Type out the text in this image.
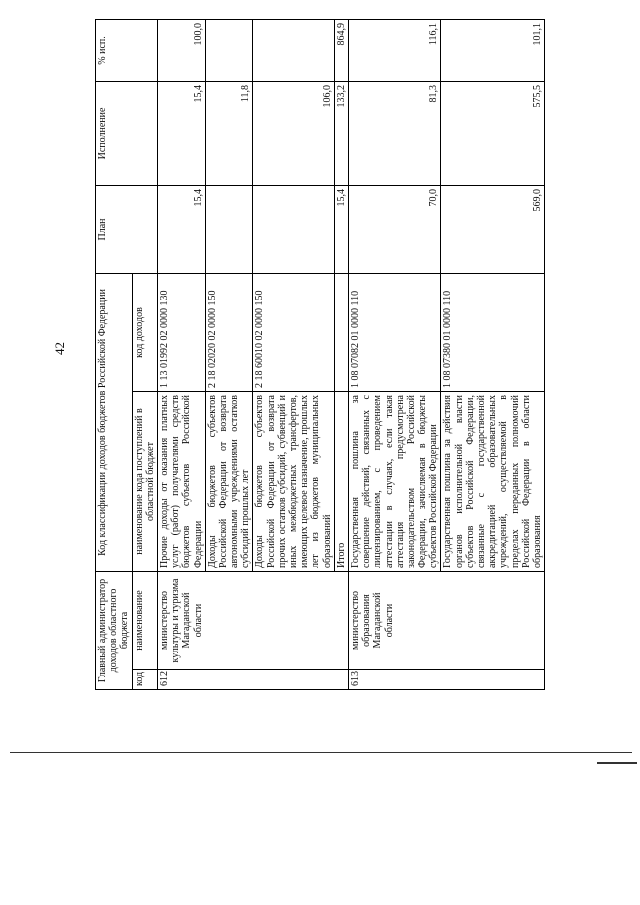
42
Главный администратор доходов областного бюджета		Код классификации доходов бюджетов Российской Федерации		План	Исполнение	% исп.
код	наименование	наименование кода поступлений в областной бюджет	код доходов			
612	министерство культуры и туризма Магаданской области	Прочие доходы от оказания платных услуг (работ) получателями средств бюджетов субъектов Российской Федерации	1 13 01992 02 0000 130	15,4	15,4	100,0
		Доходы бюджетов субъектов Российской Федерации от возврата автономными учреждениями остатков субсидий прошлых лет	2 18 02020 02 0000 150		11,8	
		Доходы бюджетов субъектов Российской Федерации от возврата прочих остатков субсидий, субвенций и иных межбюджетных трансфертов, имеющих целевое назначение, прошлых лет из бюджетов муниципальных образований	2 18 60010 02 0000 150		106,0	
		Итого		15,4	133,2	864,9
613	министерство образования Магаданской области	Государственная пошлина за совершение действий, связанных с лицензированием, с проведением аттестации в случаях, если такая аттестация предусмотрена законодательством Российской Федерации, зачисляемая в бюджеты субъектов Российской Федерации	1 08 07082 01 0000 110	70,0	81,3	116,1
		Государственная пошлина за действия органов исполнительной власти субъектов Российской Федерации, связанные с государственной аккредитацией образовательных учреждений, осуществляемой в пределах переданных полномочий Российской Федерации в области образования	1 08 07380 01 0000 110	569,0	575,5	101,1
